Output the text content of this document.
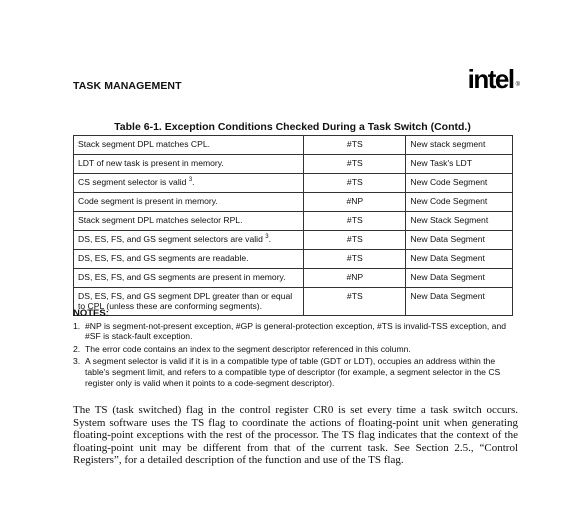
TASK MANAGEMENT	intel ®
Table 6-1. Exception Conditions Checked During a Task Switch (Contd.)
Stack segment DPL matches CPL.	#TS	New stack segment
LDT of new task is present in memory.	#TS	New Task's LDT
CS segment selector is valid $^3$.	#TS	New Code Segment
Code segment is present in memory.	#NP	New Code Segment
Stack segment DPL matches selector RPL.	#TS	New Stack Segment
DS, ES, FS, and GS segment selectors are valid $^3$.	#TS	New Data Segment
DS, ES, FS, and GS segments are readable.	#TS	New Data Segment
DS, ES, FS, and GS segments are present in memory.	#NP	New Data Segment
DS, ES, FS, and GS segment DPL greater than or equal to CPL (unless these are conforming segments).	#TS	New Data Segment
NOTES:
1. #NP is segment-not-present exception, #GP is general-protection exception, #TS is invalid-TSS exception, and #SF is stack-fault exception.
2. The error code contains an index to the segment descriptor referenced in this column.
3. A segment selector is valid if it is in a compatible type of table (GDT or LDT), occupies an address within the table's segment limit, and refers to a compatible type of descriptor (for example, a segment selector in the CS register only is valid when it points to a code-segment descriptor).
The TS (task switched) flag in the control register CR0 is set every time a task switch occurs. System software uses the TS flag to coordinate the actions of floating-point unit when generating floating-point exceptions with the rest of the processor. The TS flag indicates that the context of the floating-point unit may be different from that of the current task. See Section 2.5., “Control Registers”, for a detailed description of the function and use of the TS flag.
